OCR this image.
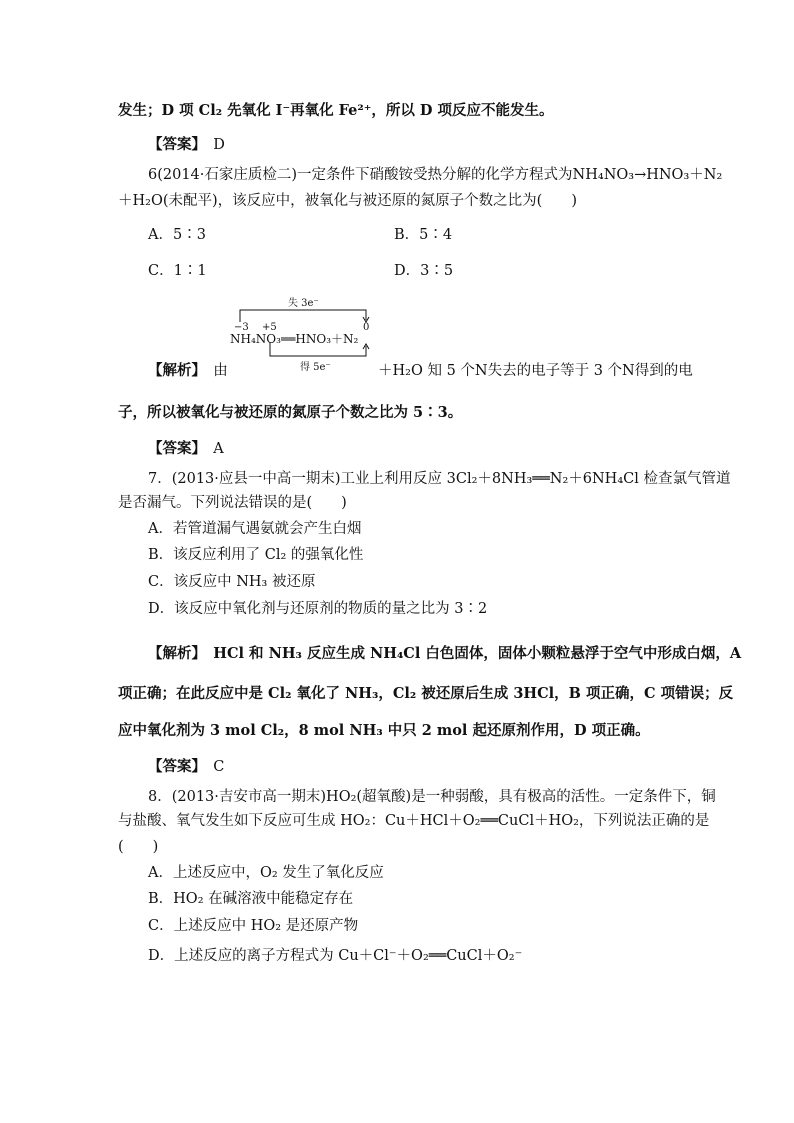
发生；D 项 Cl₂ 先氧化 I⁻再氧化 Fe²⁺，所以 D 项反应不能发生。
【答案】　 D
6(2014·石家庄质检二)一定条件下硝酸铵受热分解的化学方程式为NH₄NO₃→HNO₃＋N₂
＋H₂O(未配平)，该反应中，被氧化与被还原的氮原子个数之比为(　　)
A．5∶3	B．5∶4
C．1∶1	D．3∶5
失 3e⁻
得 5e⁻
−3 +5	0
NH₄NO₃══HNO₃＋N₂
【解析】　 由	＋H₂O 知 5 个N失去的电子等于 3 个N得到的电
子，所以被氧化与被还原的氮原子个数之比为 5∶3。
【答案】　 A
7．(2013·应县一中高一期末)工业上利用反应 3Cl₂＋8NH₃══N₂＋6NH₄Cl 检查氯气管道
是否漏气。下列说法错误的是(　　)
A．若管道漏气遇氨就会产生白烟
B．该反应利用了 Cl₂ 的强氧化性
C．该反应中 NH₃ 被还原
D．该反应中氧化剂与还原剂的物质的量之比为 3∶2
【解析】　 HCl 和 NH₃ 反应生成 NH₄Cl 白色固体，固体小颗粒悬浮于空气中形成白烟，A
项正确；在此反应中是 Cl₂ 氧化了 NH₃，Cl₂ 被还原后生成 3HCl，B 项正确，C 项错误；反
应中氧化剂为 3 mol Cl₂，8 mol NH₃ 中只 2 mol 起还原剂作用，D 项正确。
【答案】　 C
8．(2013·吉安市高一期末)HO₂(超氧酸)是一种弱酸，具有极高的活性。一定条件下，铜
与盐酸、氧气发生如下反应可生成 HO₂：Cu＋HCl＋O₂══CuCl＋HO₂，下列说法正确的是
(　　)
A．上述反应中，O₂ 发生了氧化反应
B．HO₂ 在碱溶液中能稳定存在
C．上述反应中 HO₂ 是还原产物
D．上述反应的离子方程式为 Cu＋Cl⁻＋O₂══CuCl＋O₂⁻
